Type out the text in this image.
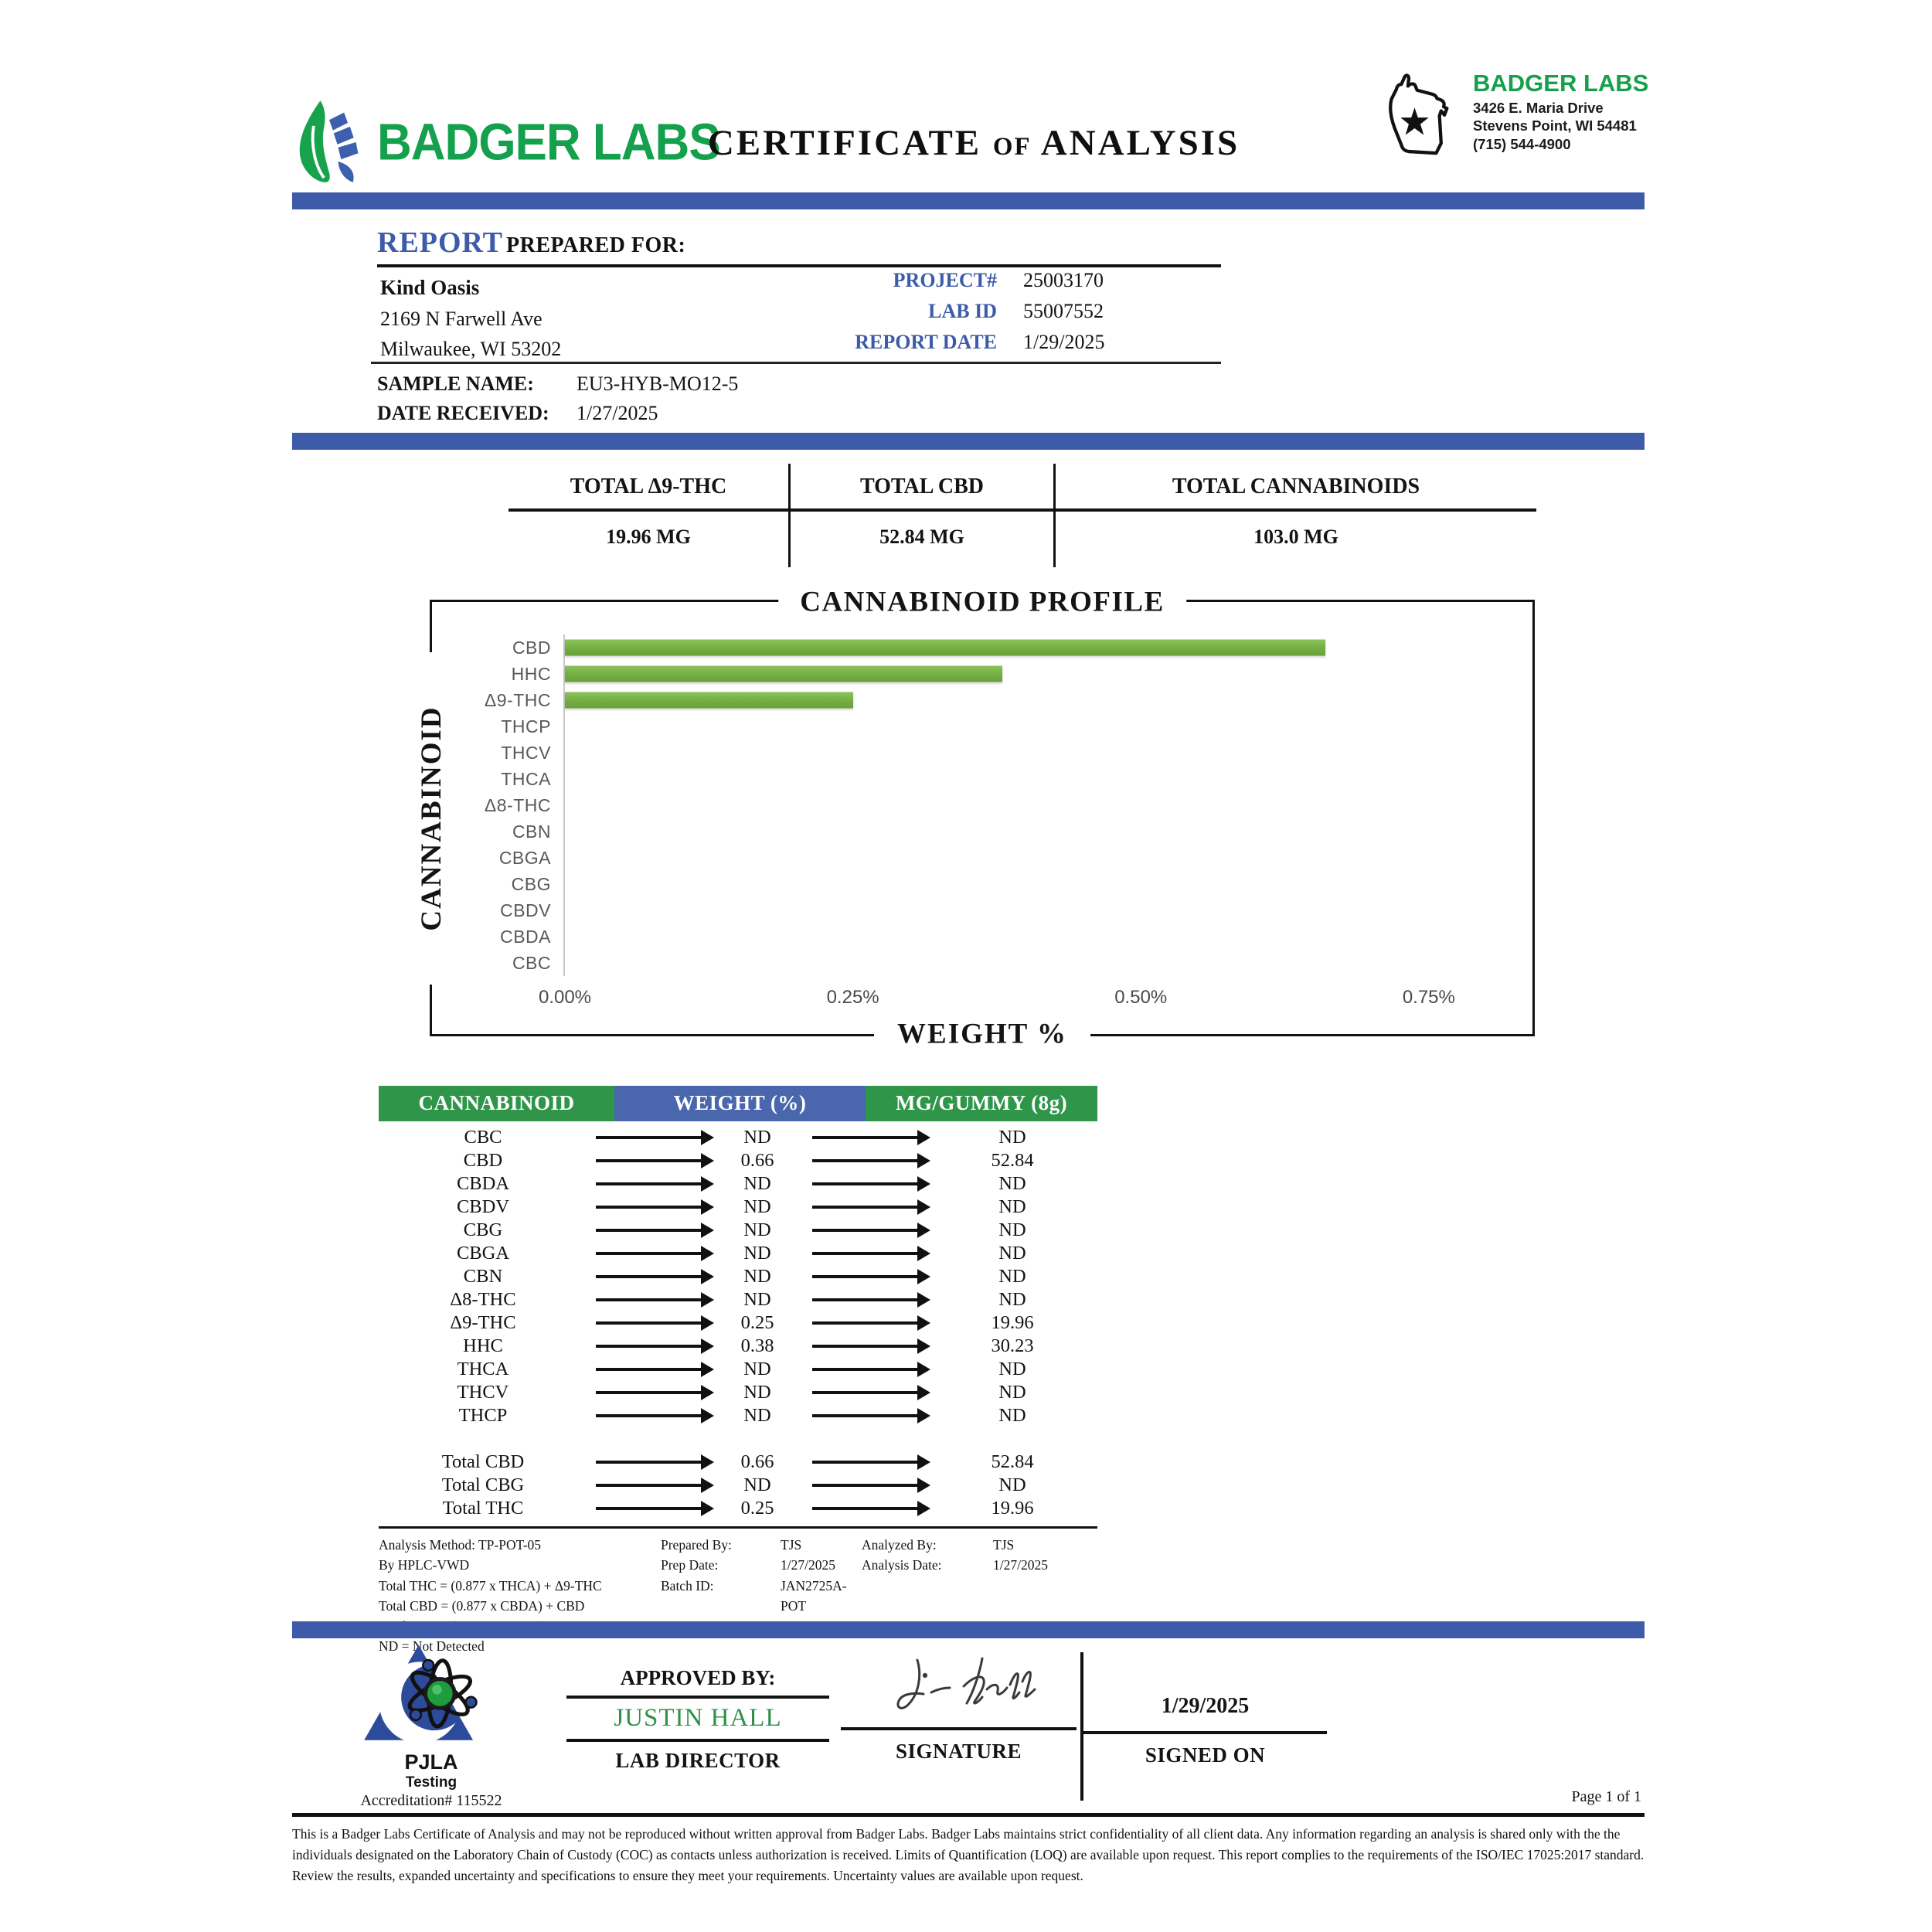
BADGER LABS
CERTIFICATE OF ANALYSIS
BADGER LABS
3426 E. Maria Drive
Stevens Point, WI 54481
(715) 544-4900
REPORT PREPARED FOR:
Kind Oasis
2169 N Farwell Ave
Milwaukee, WI 53202
PROJECT# 25003170
LAB ID 55007552
REPORT DATE 1/29/2025
SAMPLE NAME:	EU3-HYB-MO12-5
DATE RECEIVED:	1/27/2025
TOTAL Δ9-THC	TOTAL CBD	TOTAL CANNABINOIDS
19.96 MG	52.84 MG	103.0 MG
CANNABINOID PROFILE
CANNABINOID
WEIGHT %
CBD
HHC
Δ9-THC
THCP
THCV
THCA
Δ8-THC
CBN
CBGA
CBG
CBDV
CBDA
CBC
0.00%	0.25%	0.50%	0.75%
CANNABINOID	WEIGHT (%)	MG/GUMMY (8g)
CBC	ND	ND
CBD	0.66	52.84
CBDA	ND	ND
CBDV	ND	ND
CBG	ND	ND
CBGA	ND	ND
CBN	ND	ND
Δ8-THC	ND	ND
Δ9-THC	0.25	19.96
HHC	0.38	30.23
THCA	ND	ND
THCV	ND	ND
THCP	ND	ND
Total CBD	0.66	52.84
Total CBG	ND	ND
Total THC	0.25	19.96
Analysis Method: TP-POT-05
By HPLC-VWD
Total THC = (0.877 x THCA) + Δ9-THC
Total CBD = (0.877 x CBDA) + CBD
ND = Not Detected
Prepared By:	TJS
Prep Date:	1/27/2025
Batch ID:	JAN2725A-POT
Analyzed By:	TJS
Analysis Date:	1/27/2025
PJLA
Testing
Accreditation# 115522
APPROVED BY:
JUSTIN HALL
LAB DIRECTOR	SIGNATURE
1/29/2025
SIGNED ON
Page 1 of 1
This is a Badger Labs Certificate of Analysis and may not be reproduced without written approval from Badger Labs. Badger Labs maintains strict confidentiality of all client data. Any information regarding an analysis is shared only with the the individuals designated on the Laboratory Chain of Custody (COC) as contacts unless authorization is received. Limits of Quantification (LOQ) are available upon request. This report complies to the requirements of the ISO/IEC 17025:2017 standard. Review the results, expanded uncertainty and specifications to ensure they meet your requirements. Uncertainty values are available upon request.
